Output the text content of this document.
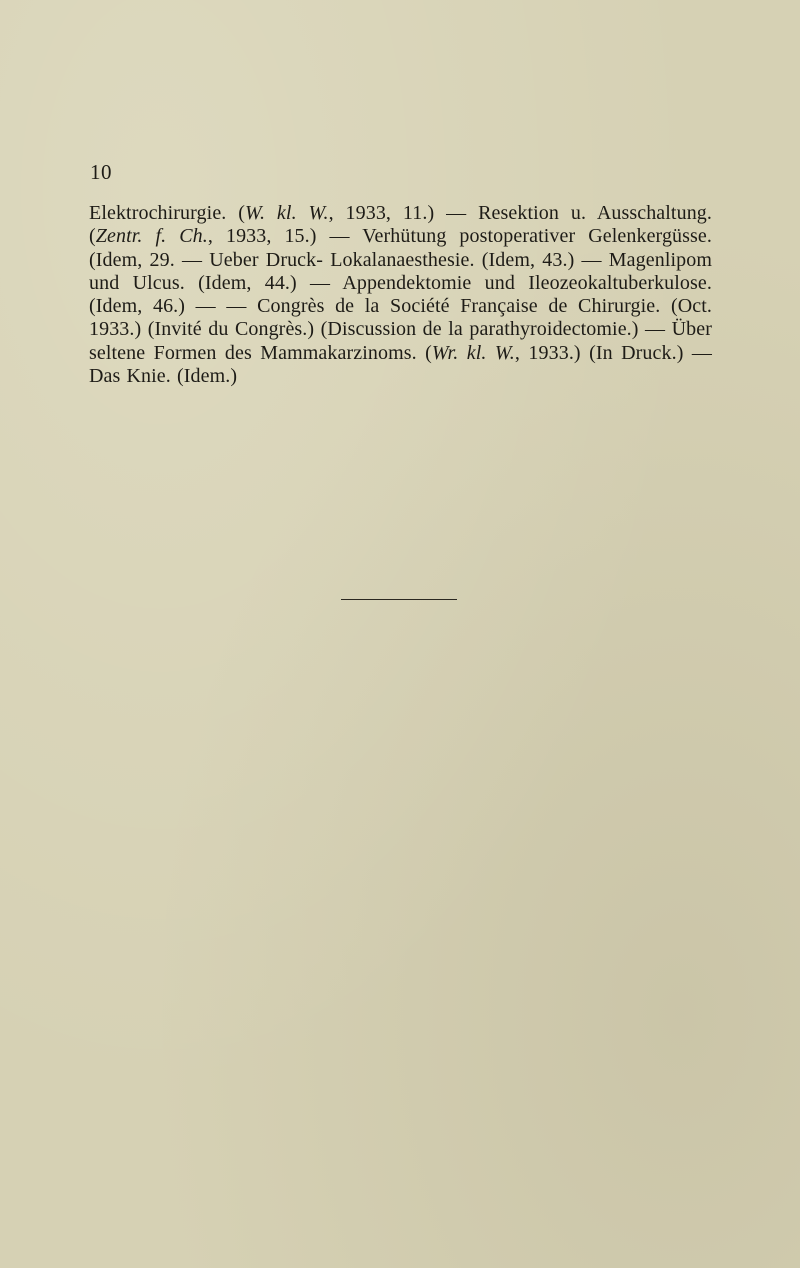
10

Elektrochirurgie. (W. kl. W., 1933, 11.) — Resektion u. Ausschaltung. (Zentr. f. Ch., 1933, 15.) — Verhütung postoperativer Gelenkergüsse. (Idem, 29. — Ueber Druck- Lokalanaesthesie. (Idem, 43.) — Magenlipom und Ulcus. (Idem, 44.) — Appendektomie und Ileozeokaltuberkulose. (Idem, 46.) — — Congrès de la Société Française de Chirurgie. (Oct. 1933.) (Invité du Congrès.) (Discussion de la parathyroidectomie.) — Über seltene Formen des Mammakarzinoms. (Wr. kl. W., 1933.) (In Druck.) — Das Knie. (Idem.)
